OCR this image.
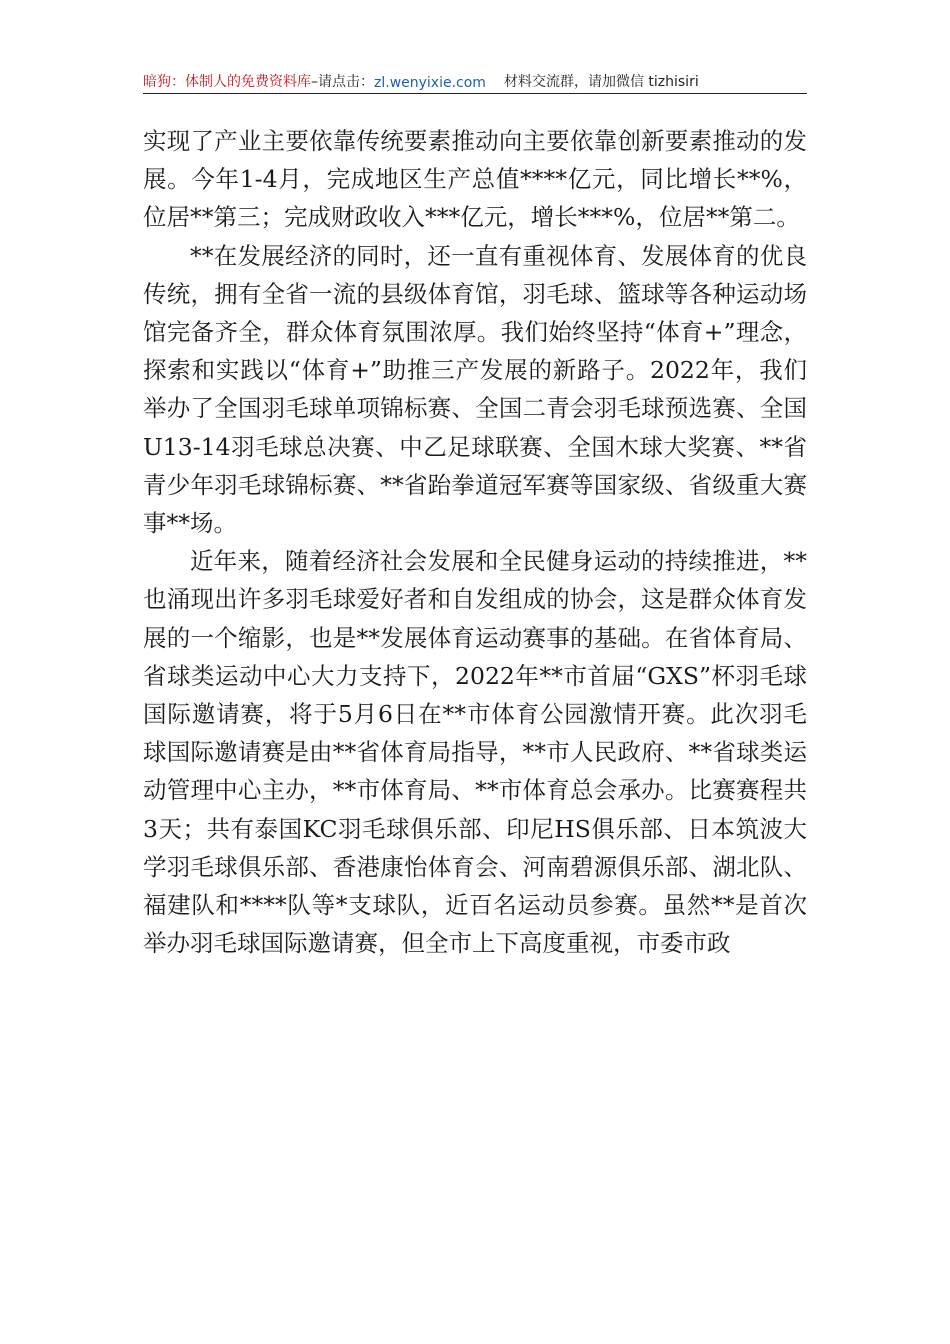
暗狗：体制人的免费资料库 –请点击： zl.wenyixie.com 材料交流群，请加微信 tizhisiri

实现了产业主要依靠传统要素推动向主要依靠创新要素推动的发展。今年1-4月，完成地区生产总值****亿元，同比增长**%，位居**第三；完成财政收入***亿元，增长***%，位居**第二。

**在发展经济的同时，还一直有重视体育、发展体育的优良传统，拥有全省一流的县级体育馆，羽毛球、篮球等各种运动场馆完备齐全，群众体育氛围浓厚。我们始终坚持“体育+”理念，探索和实践以“体育+”助推三产发展的新路子。2022年，我们举办了全国羽毛球单项锦标赛、全国二青会羽毛球预选赛、全国U13-14羽毛球总决赛、中乙足球联赛、全国木球大奖赛、**省青少年羽毛球锦标赛、**省跆拳道冠军赛等国家级、省级重大赛事**场。

近年来，随着经济社会发展和全民健身运动的持续推进，**也涌现出许多羽毛球爱好者和自发组成的协会，这是群众体育发展的一个缩影，也是**发展体育运动赛事的基础。在省体育局、省球类运动中心大力支持下，2022年**市首届“GXS”杯羽毛球国际邀请赛，将于5月6日在**市体育公园激情开赛。此次羽毛球国际邀请赛是由**省体育局指导，**市人民政府、**省球类运动管理中心主办，**市体育局、**市体育总会承办。比赛赛程共3天；共有泰国KC羽毛球俱乐部、印尼HS俱乐部、日本筑波大学羽毛球俱乐部、香港康怡体育会、河南碧源俱乐部、湖北队、福建队和****队等*支球队，近百名运动员参赛。虽然**是首次举办羽毛球国际邀请赛，但全市上下高度重视，市委市政
